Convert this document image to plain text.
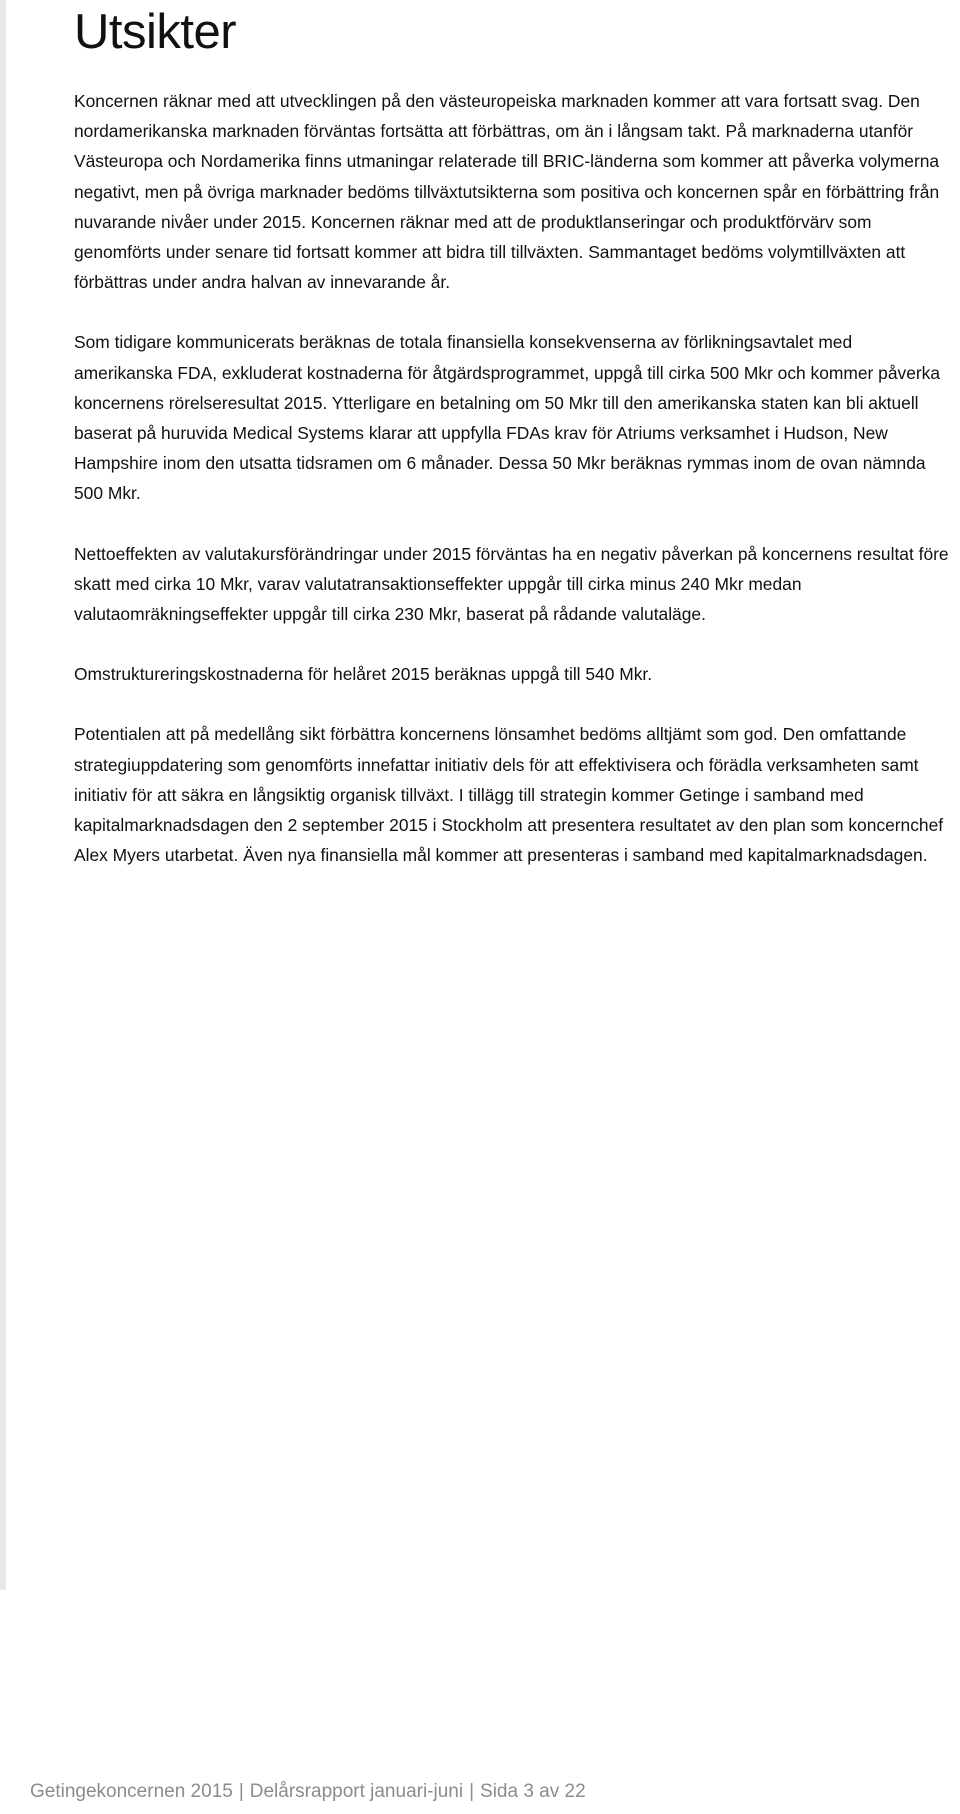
Utsikter

Koncernen räknar med att utvecklingen på den västeuropeiska marknaden kommer att vara fortsatt svag. Den nordamerikanska marknaden förväntas fortsätta att förbättras, om än i långsam takt. På marknaderna utanför Västeuropa och Nordamerika finns utmaningar relaterade till BRIC-länderna som kommer att påverka volymerna negativt, men på övriga marknader bedöms tillväxtutsikterna som positiva och koncernen spår en förbättring från nuvarande nivåer under 2015. Koncernen räknar med att de produktlanseringar och produktförvärv som genomförts under senare tid fortsatt kommer att bidra till tillväxten. Sammantaget bedöms volymtillväxten att förbättras under andra halvan av innevarande år.

Som tidigare kommunicerats beräknas de totala finansiella konsekvenserna av förlikningsavtalet med amerikanska FDA, exkluderat kostnaderna för åtgärdsprogrammet, uppgå till cirka 500 Mkr och kommer påverka koncernens rörelseresultat 2015. Ytterligare en betalning om 50 Mkr till den amerikanska staten kan bli aktuell baserat på huruvida Medical Systems klarar att uppfylla FDAs krav för Atriums verksamhet i Hudson, New Hampshire inom den utsatta tidsramen om 6 månader. Dessa 50 Mkr beräknas rymmas inom de ovan nämnda 500 Mkr.

Nettoeffekten av valutakursförändringar under 2015 förväntas ha en negativ påverkan på koncernens resultat före skatt med cirka 10 Mkr, varav valutatransaktionseffekter uppgår till cirka minus 240 Mkr medan valutaomräkningseffekter uppgår till cirka 230 Mkr, baserat på rådande valutaläge.

Omstruktureringskostnaderna för helåret 2015 beräknas uppgå till 540 Mkr.

Potentialen att på medellång sikt förbättra koncernens lönsamhet bedöms alltjämt som god. Den omfattande strategiuppdatering som genomförts innefattar initiativ dels för att effektivisera och förädla verksamheten samt initiativ för att säkra en långsiktig organisk tillväxt. I tillägg till strategin kommer Getinge i samband med kapitalmarknadsdagen den 2 september 2015 i Stockholm att presentera resultatet av den plan som koncernchef Alex Myers utarbetat. Även nya finansiella mål kommer att presenteras i samband med kapitalmarknadsdagen.

Getingekoncernen 2015 | Delårsrapport januari-juni | Sida 3 av 22
